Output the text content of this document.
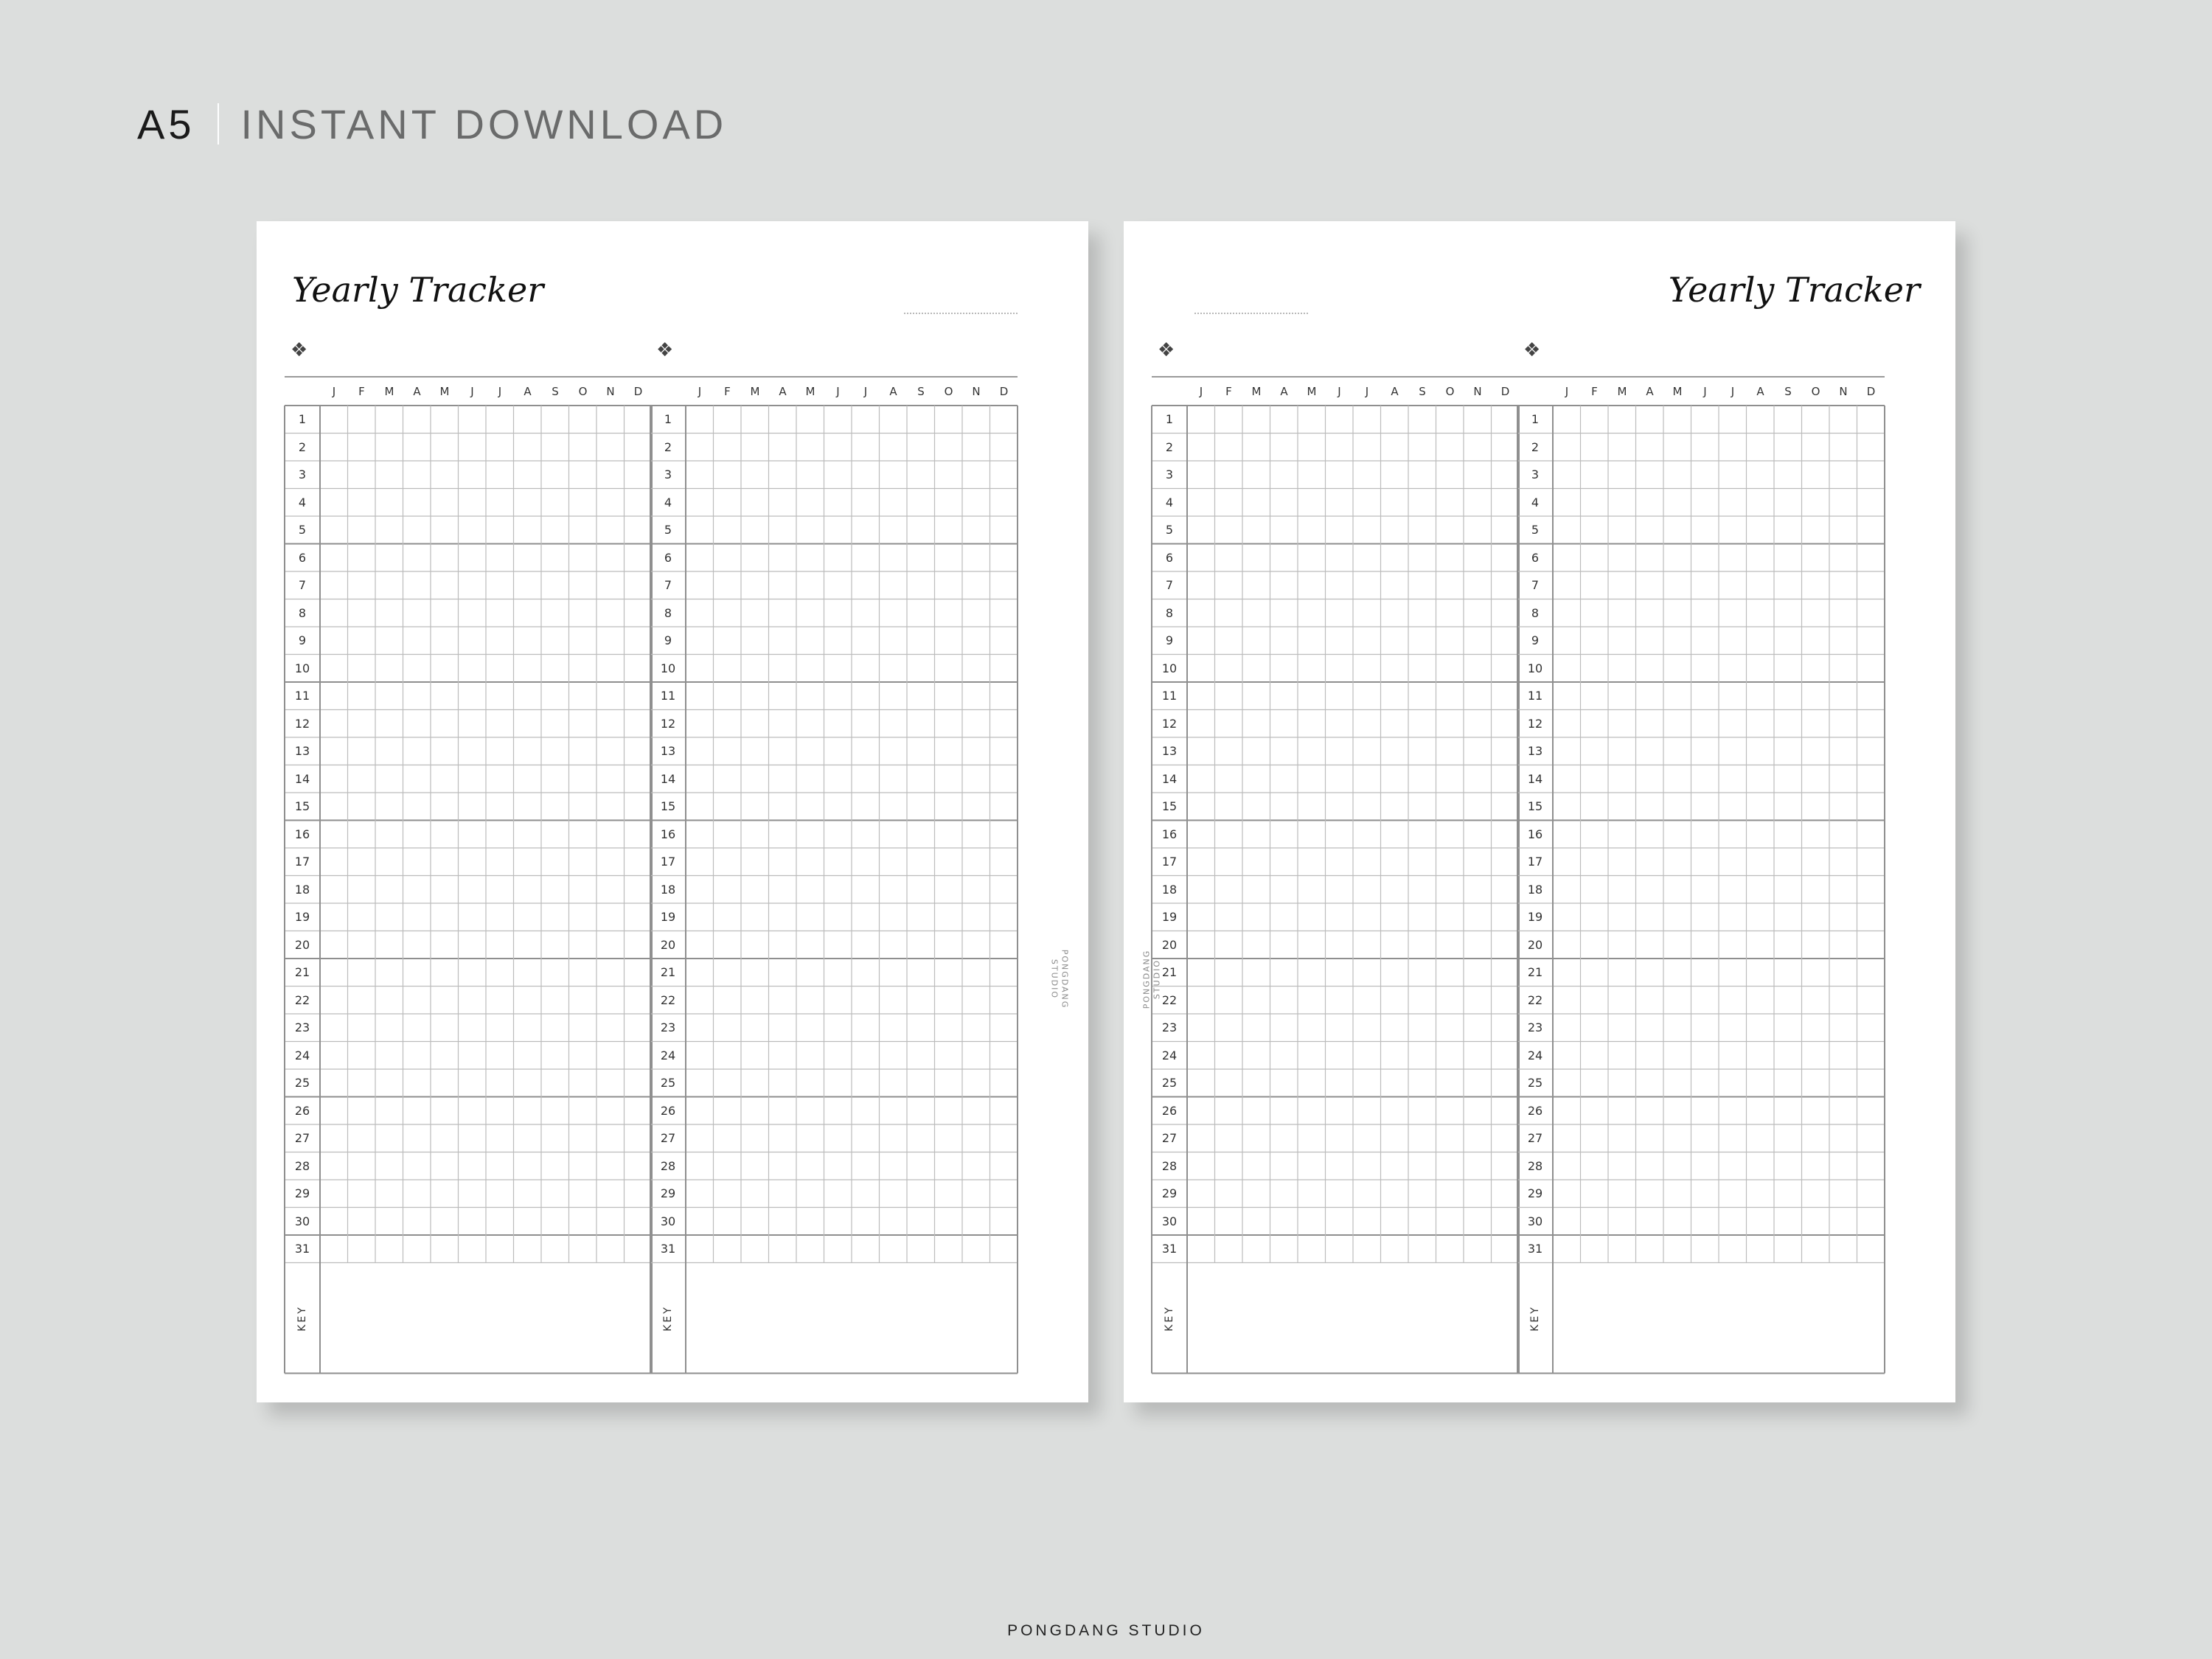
A5 INSTANT DOWNLOAD
Yearly Tracker
PONGDANG
STUDIO
❖
J	F	M	A	M	J	J	A	S	O	N	D
1
2
3
4
5
6
7
8
9
10
11
12
13
14
15
16
17
18
19
20
21
22
23
24
25
26
27
28
29
30
31
KEY
❖
J	F	M	A	M	J	J	A	S	O	N	D
1
2
3
4
5
6
7
8
9
10
11
12
13
14
15
16
17
18
19
20
21
22
23
24
25
26
27
28
29
30
31
KEY
Yearly Tracker
PONGDANG STUDIO
❖
J	F	M	A	M	J	J	A	S	O	N	D
1
2
3
4
5
6
7
8
9
10
11
12
13
14
15
16
17
18
19
20
21
22
23
24
25
26
27
28
29
30
31
KEY
❖
J	F	M	A	M	J	J	A	S	O	N	D
1
2
3
4
5
6
7
8
9
10
11
12
13
14
15
16
17
18
19
20
21
22
23
24
25
26
27
28
29
30
31
KEY
PONGDANG STUDIO
